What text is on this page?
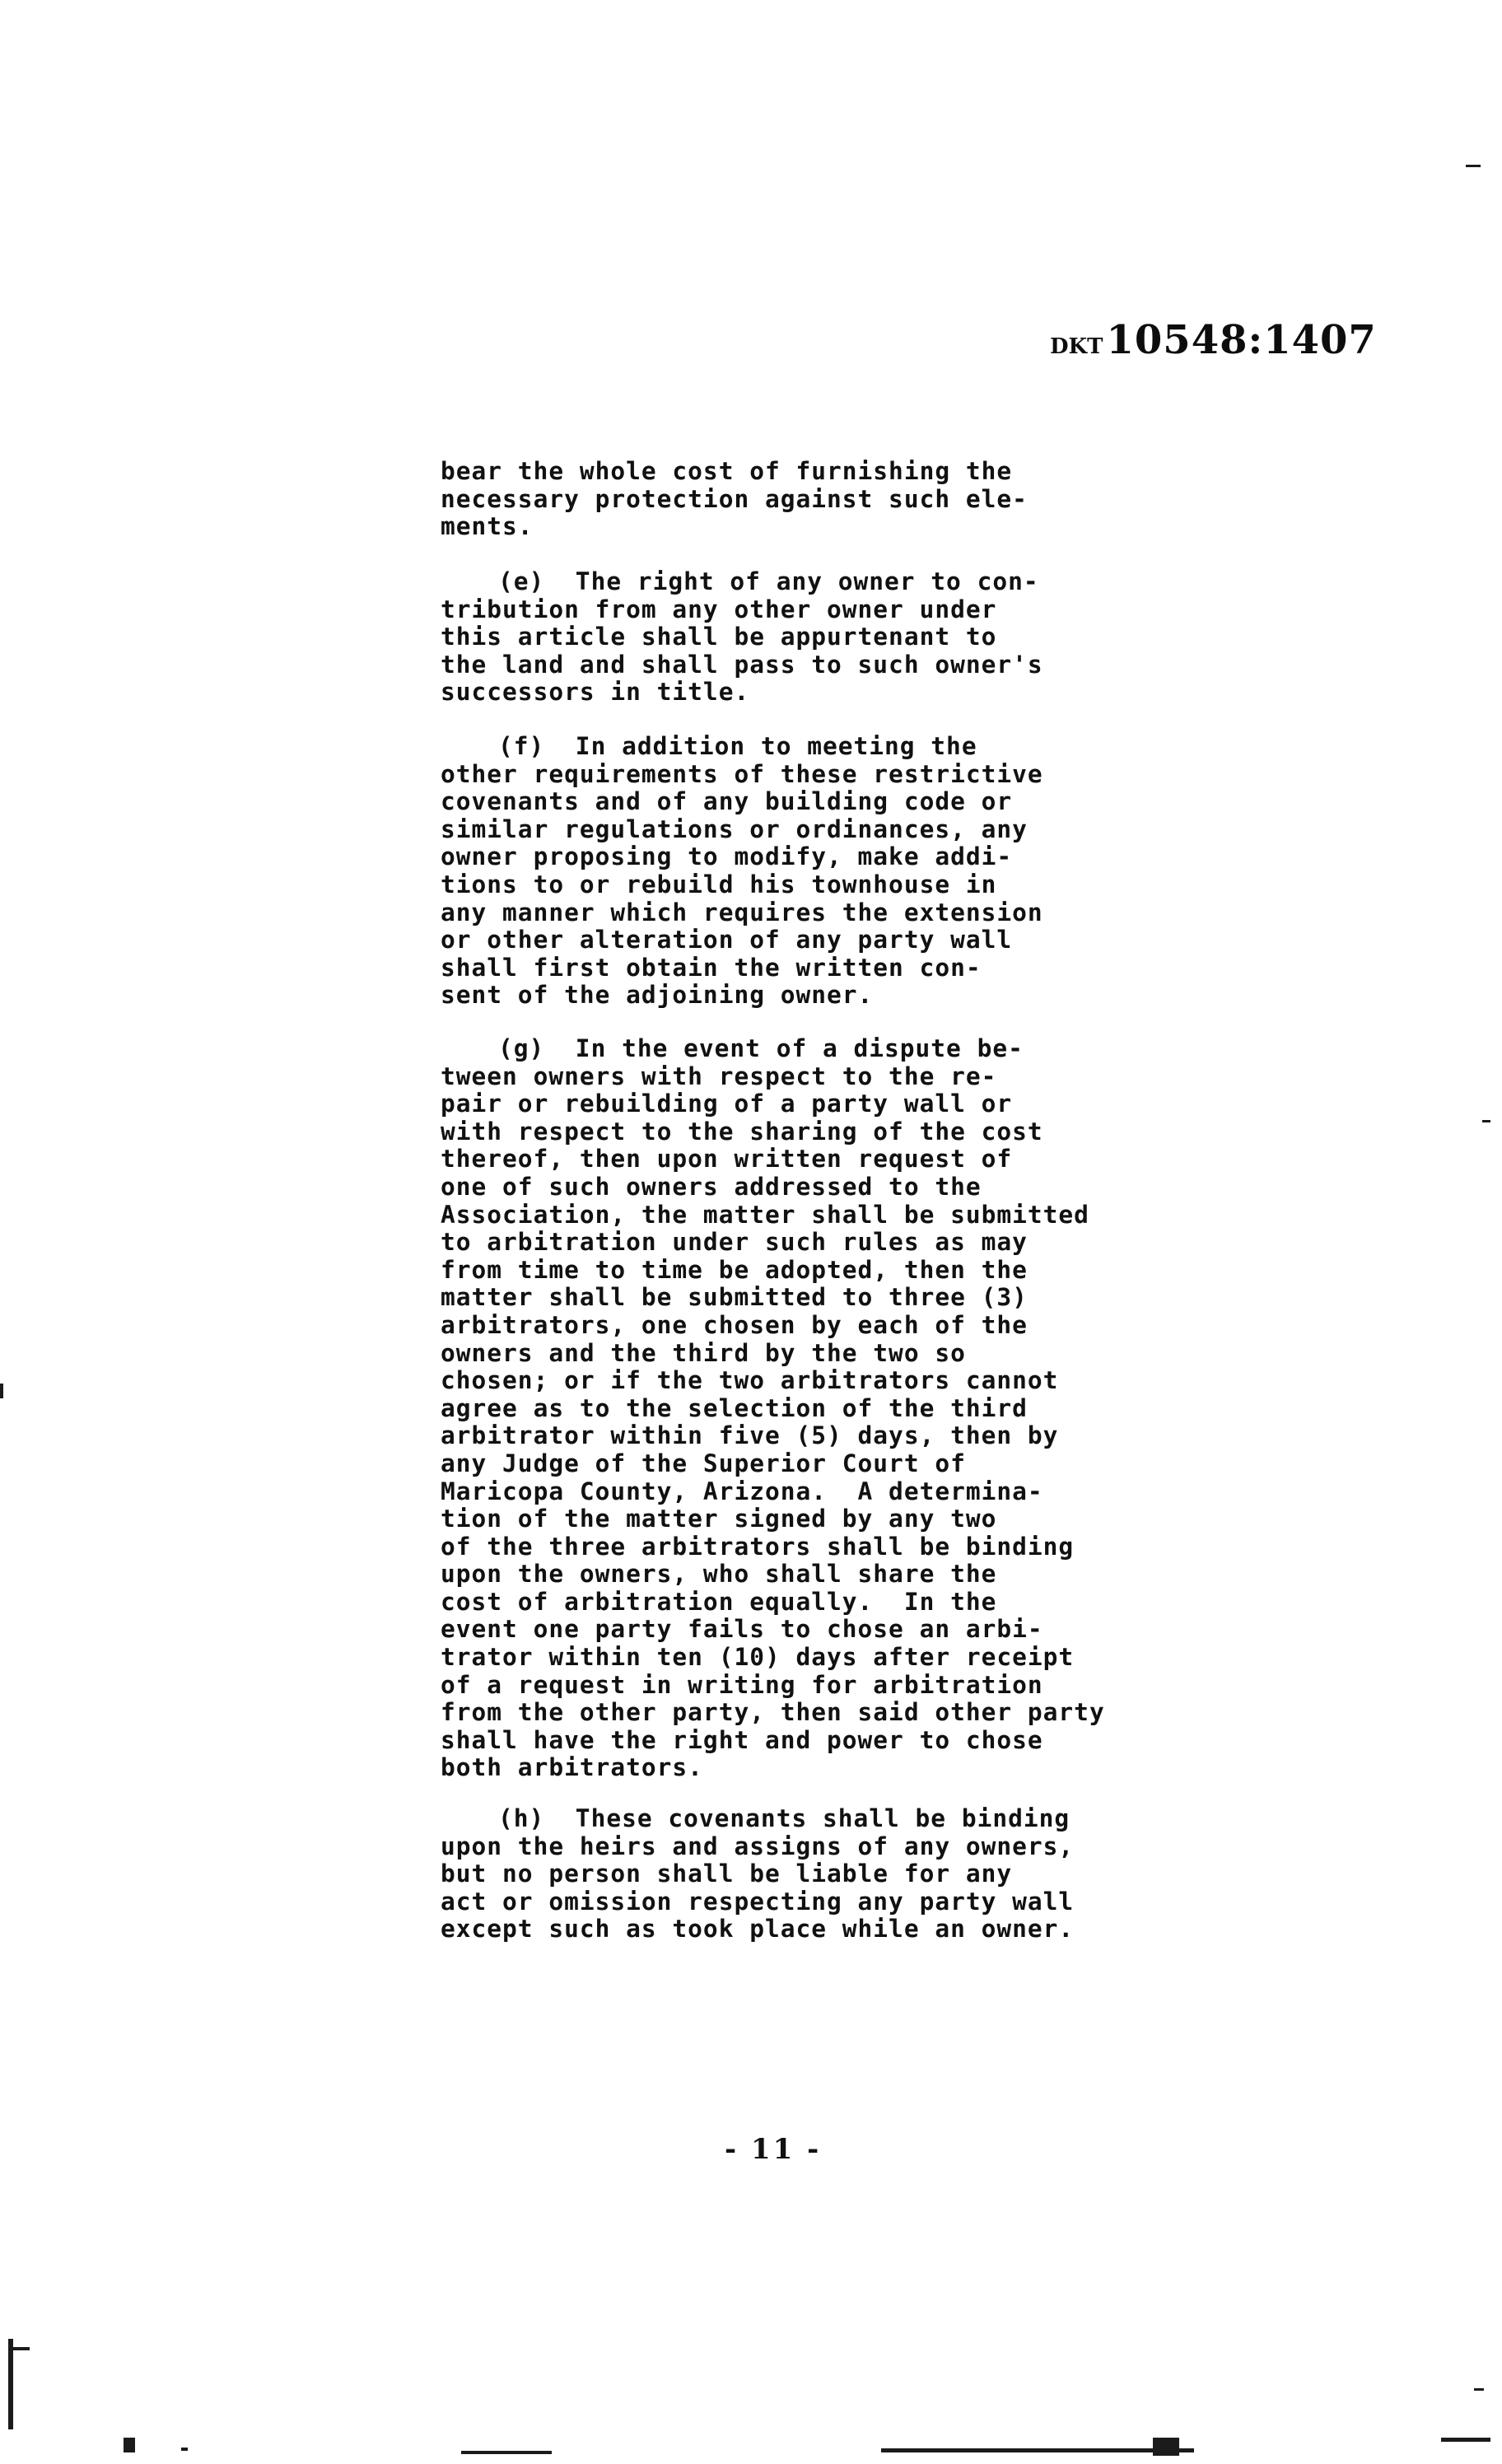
DKT10548:1407

bear the whole cost of furnishing the
necessary protection against such ele-
ments.

(e)  The right of any owner to con-
tribution from any other owner under
this article shall be appurtenant to
the land and shall pass to such owner's
successors in title.

(f)  In addition to meeting the
other requirements of these restrictive
covenants and of any building code or
similar regulations or ordinances, any
owner proposing to modify, make addi-
tions to or rebuild his townhouse in
any manner which requires the extension
or other alteration of any party wall
shall first obtain the written con-
sent of the adjoining owner.

(g)  In the event of a dispute be-
tween owners with respect to the re-
pair or rebuilding of a party wall or
with respect to the sharing of the cost
thereof, then upon written request of
one of such owners addressed to the
Association, the matter shall be submitted
to arbitration under such rules as may
from time to time be adopted, then the
matter shall be submitted to three (3)
arbitrators, one chosen by each of the
owners and the third by the two so
chosen; or if the two arbitrators cannot
agree as to the selection of the third
arbitrator within five (5) days, then by
any Judge of the Superior Court of
Maricopa County, Arizona.  A determina-
tion of the matter signed by any two
of the three arbitrators shall be binding
upon the owners, who shall share the
cost of arbitration equally.  In the
event one party fails to chose an arbi-
trator within ten (10) days after receipt
of a request in writing for arbitration
from the other party, then said other party
shall have the right and power to chose
both arbitrators.

(h)  These covenants shall be binding
upon the heirs and assigns of any owners,
but no person shall be liable for any
act or omission respecting any party wall
except such as took place while an owner.

- 11 -
